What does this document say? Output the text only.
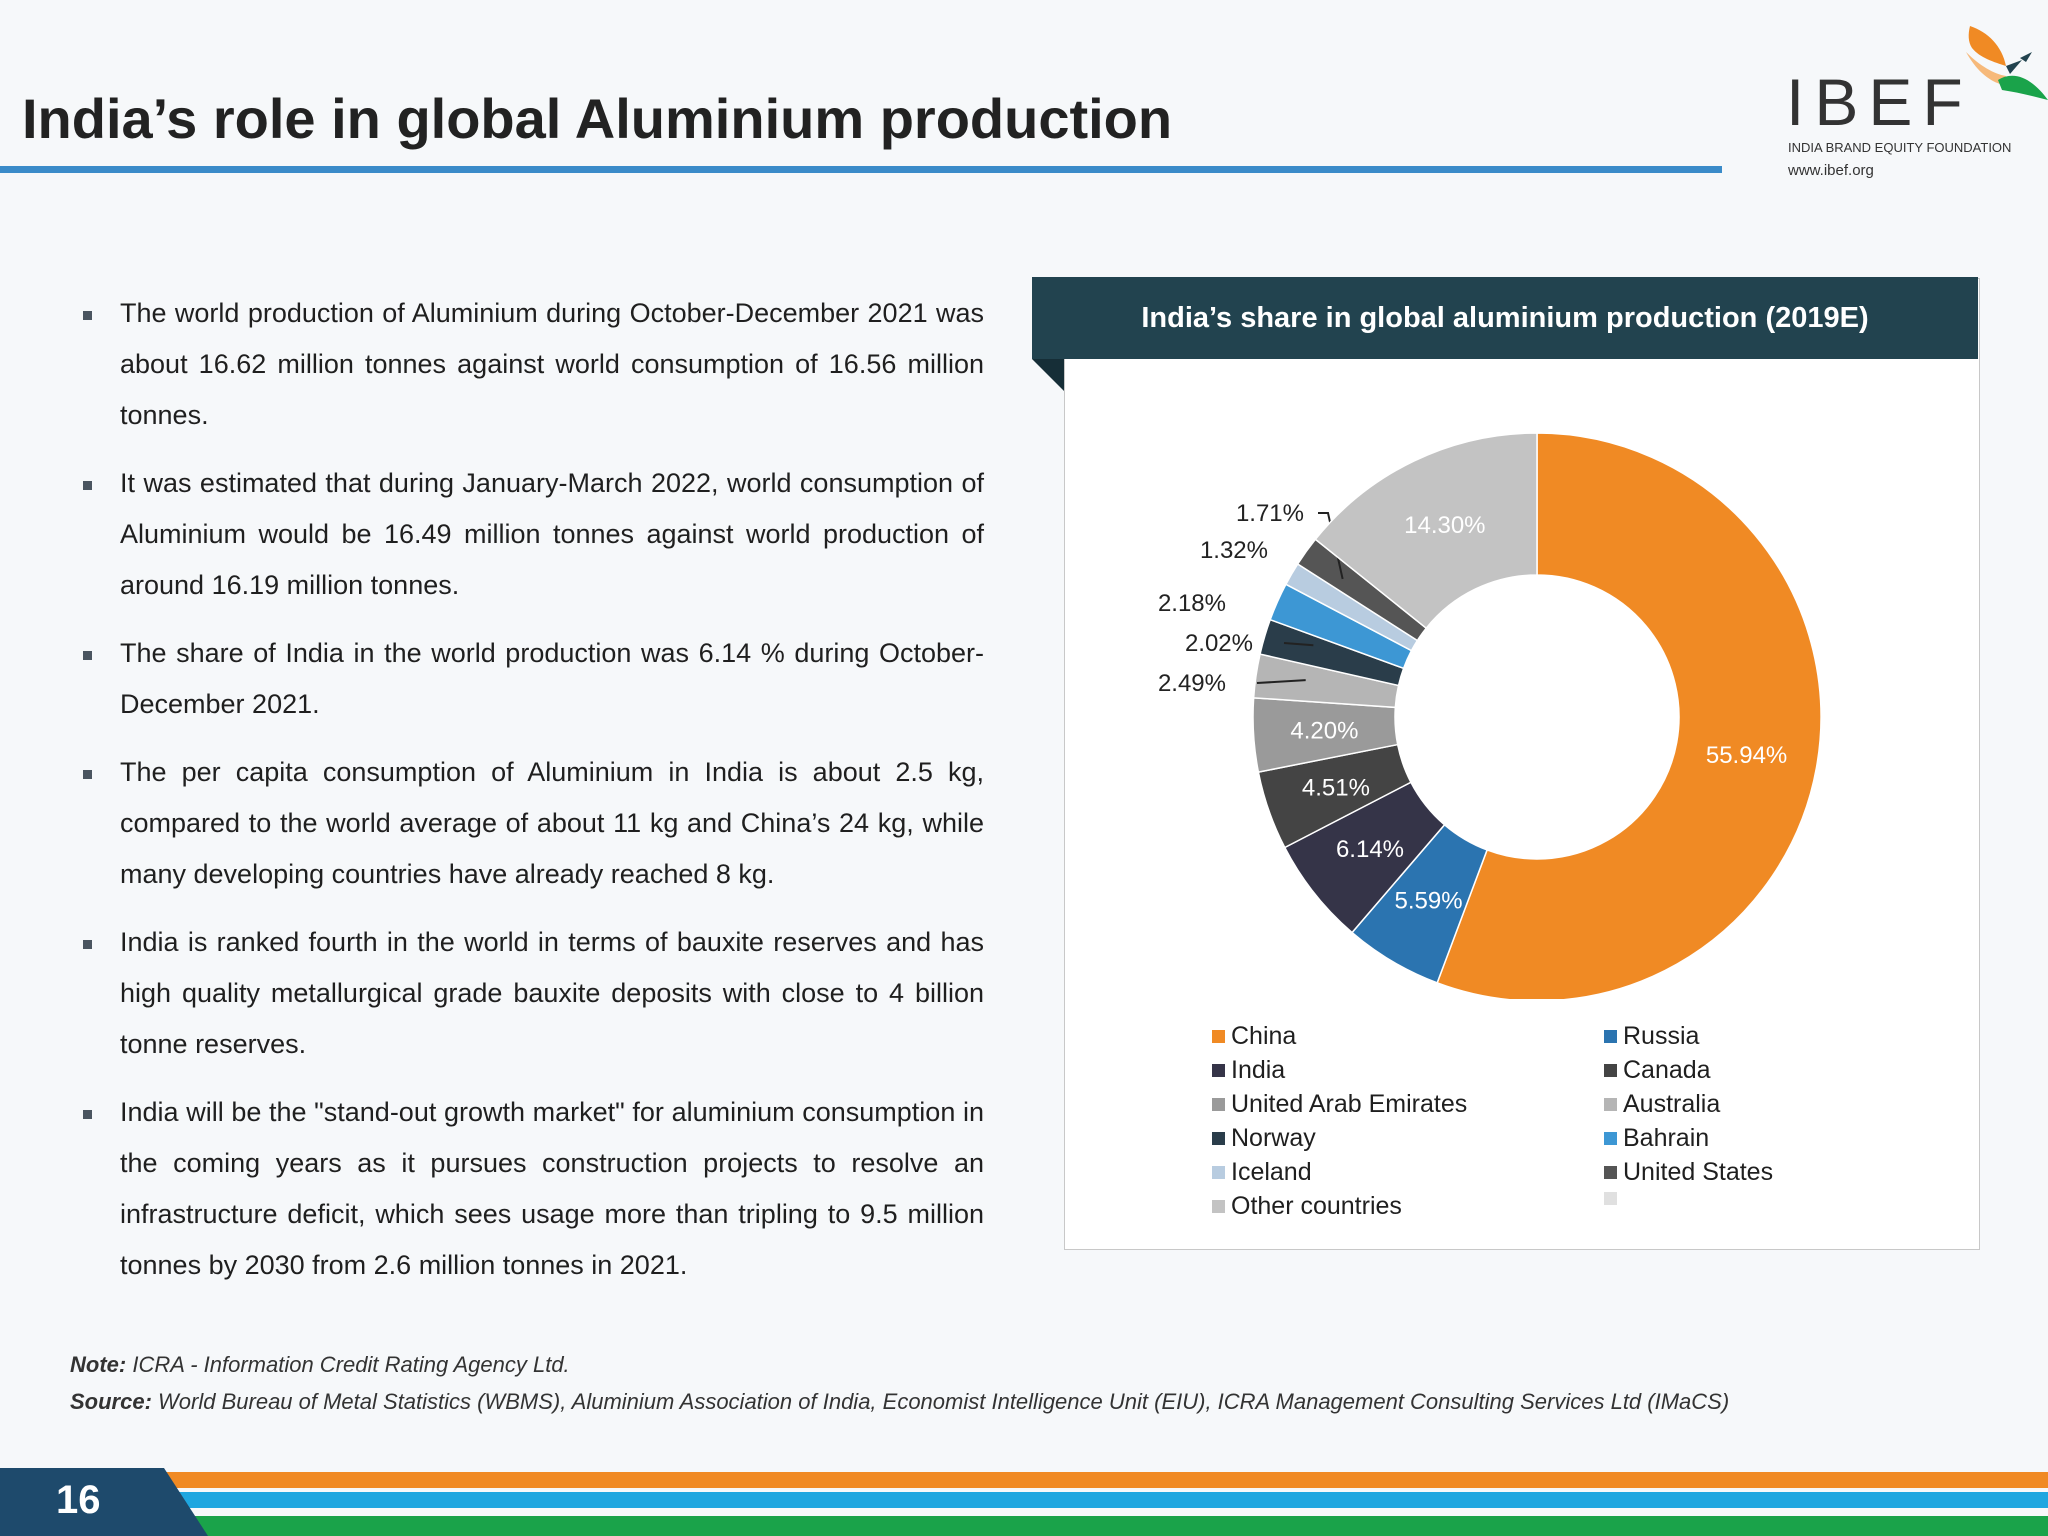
India’s role in global Aluminium production	IBEF
INDIA BRAND EQUITY FOUNDATION
www.ibef.org
The world production of Aluminium during October-December 2021 was about 16.62 million tonnes against world consumption of 16.56 million tonnes.
It was estimated that during January-March 2022, world consumption of Aluminium would be 16.49 million tonnes against world production of around 16.19 million tonnes.
The share of India in the world production was 6.14 % during October-December 2021.
The per capita consumption of Aluminium in India is about 2.5 kg, compared to the world average of about 11 kg and China’s 24 kg, while many developing countries have already reached 8 kg.
India is ranked fourth in the world in terms of bauxite reserves and has high quality metallurgical grade bauxite deposits with close to 4 billion tonne reserves.
India will be the "stand-out growth market" for aluminium consumption in the coming years as it pursues construction projects to resolve an infrastructure deficit, which sees usage more than tripling to 9.5 million tonnes by 2030 from 2.6 million tonnes in 2021.
India’s share in global aluminium production (2019E)
55.94%
5.59%
6.14%
4.51%
4.20%
2.49%
2.02%
2.18%
1.32%
1.71%	14.30%
China	Russia
India	Canada
United Arab Emirates	Australia
Norway	Bahrain
Iceland	United States
Other countries
Note: ICRA - Information Credit Rating Agency Ltd.
Source: World Bureau of Metal Statistics (WBMS), Aluminium Association of India, Economist Intelligence Unit (EIU), ICRA Management Consulting Services Ltd (IMaCS)
16
